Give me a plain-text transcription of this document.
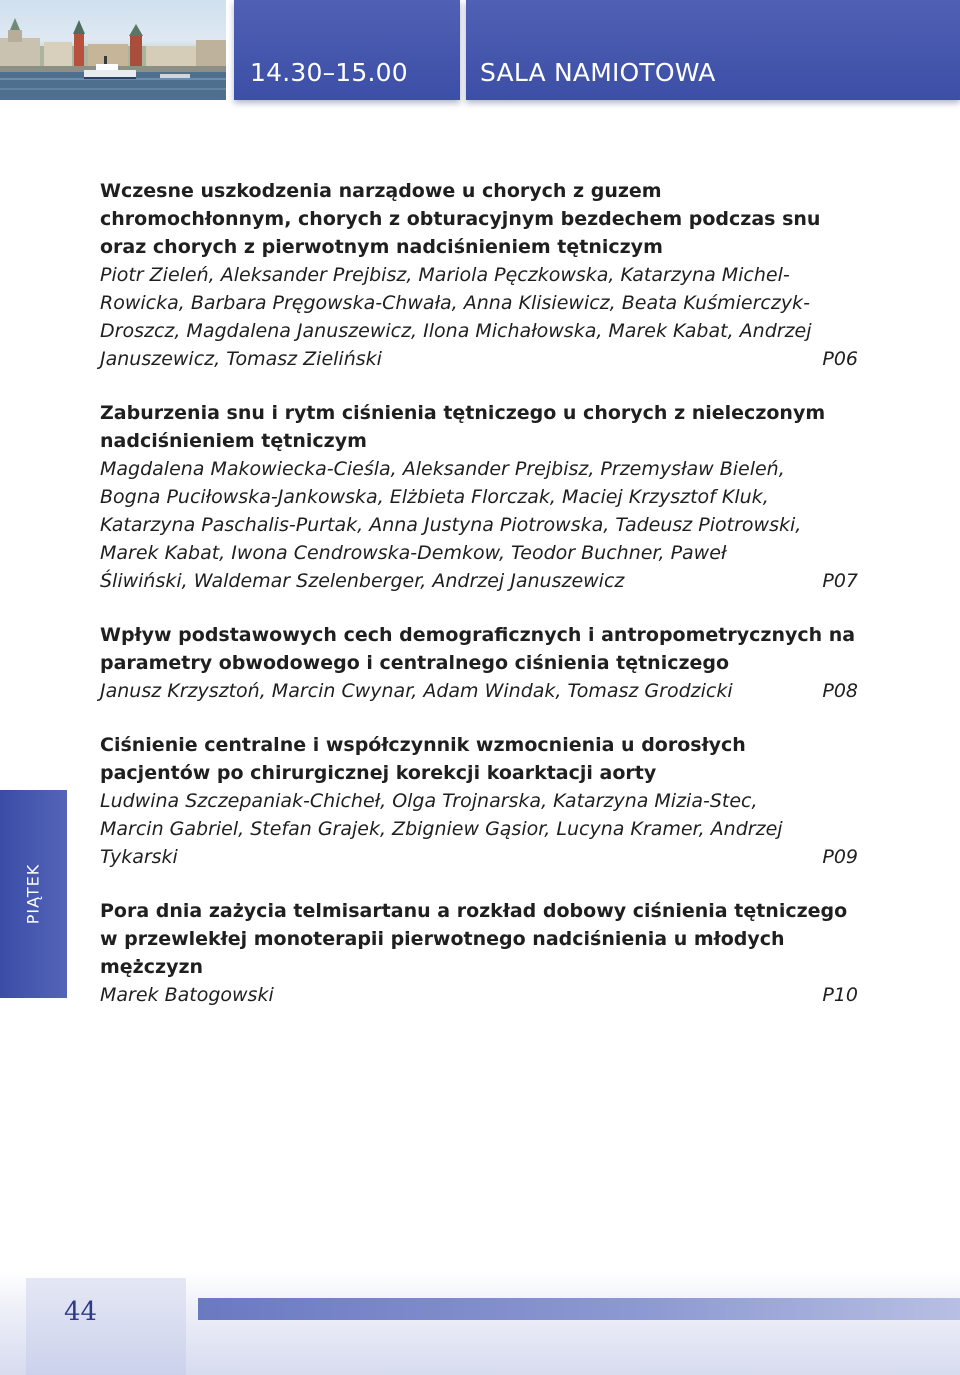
14.30–15.00	SALA NAMIOTOWA
Wczesne uszkodzenia narządowe u chorych z guzem chromochłonnym, chorych z obturacyjnym bezdechem podczas snu oraz chorych z pierwotnym nadciśnieniem tętniczym
Piotr Zieleń, Aleksander Prejbisz, Mariola Pęczkowska, Katarzyna Michel-Rowicka, Barbara Pręgowska-Chwała, Anna Klisiewicz, Beata Kuśmierczyk-Droszcz, Magdalena Januszewicz, Ilona Michałowska, Marek Kabat, Andrzej Januszewicz, Tomasz Zieliński	P06
Zaburzenia snu i rytm ciśnienia tętniczego u chorych z nieleczonym nadciśnieniem tętniczym
Magdalena Makowiecka-Cieśla, Aleksander Prejbisz, Przemysław Bieleń, Bogna Puciłowska-Jankowska, Elżbieta Florczak, Maciej Krzysztof Kluk, Katarzyna Paschalis-Purtak, Anna Justyna Piotrowska, Tadeusz Piotrowski, Marek Kabat, Iwona Cendrowska-Demkow, Teodor Buchner, Paweł Śliwiński, Waldemar Szelenberger, Andrzej Januszewicz	P07
Wpływ podstawowych cech demograficznych i antropometrycznych na parametry obwodowego i centralnego ciśnienia tętniczego
Janusz Krzysztoń, Marcin Cwynar, Adam Windak, Tomasz Grodzicki	P08
Ciśnienie centralne i współczynnik wzmocnienia u dorosłych pacjentów po chirurgicznej korekcji koarktacji aorty
Ludwina Szczepaniak-Chicheł, Olga Trojnarska, Katarzyna Mizia-Stec, Marcin Gabriel, Stefan Grajek, Zbigniew Gąsior, Lucyna Kramer, Andrzej Tykarski	P09
Pora dnia zażycia telmisartanu a rozkład dobowy ciśnienia tętniczego w przewlekłej monoterapii pierwotnego nadciśnienia u młodych mężczyzn
Marek Batogowski	P10
PIĄTEK
44
